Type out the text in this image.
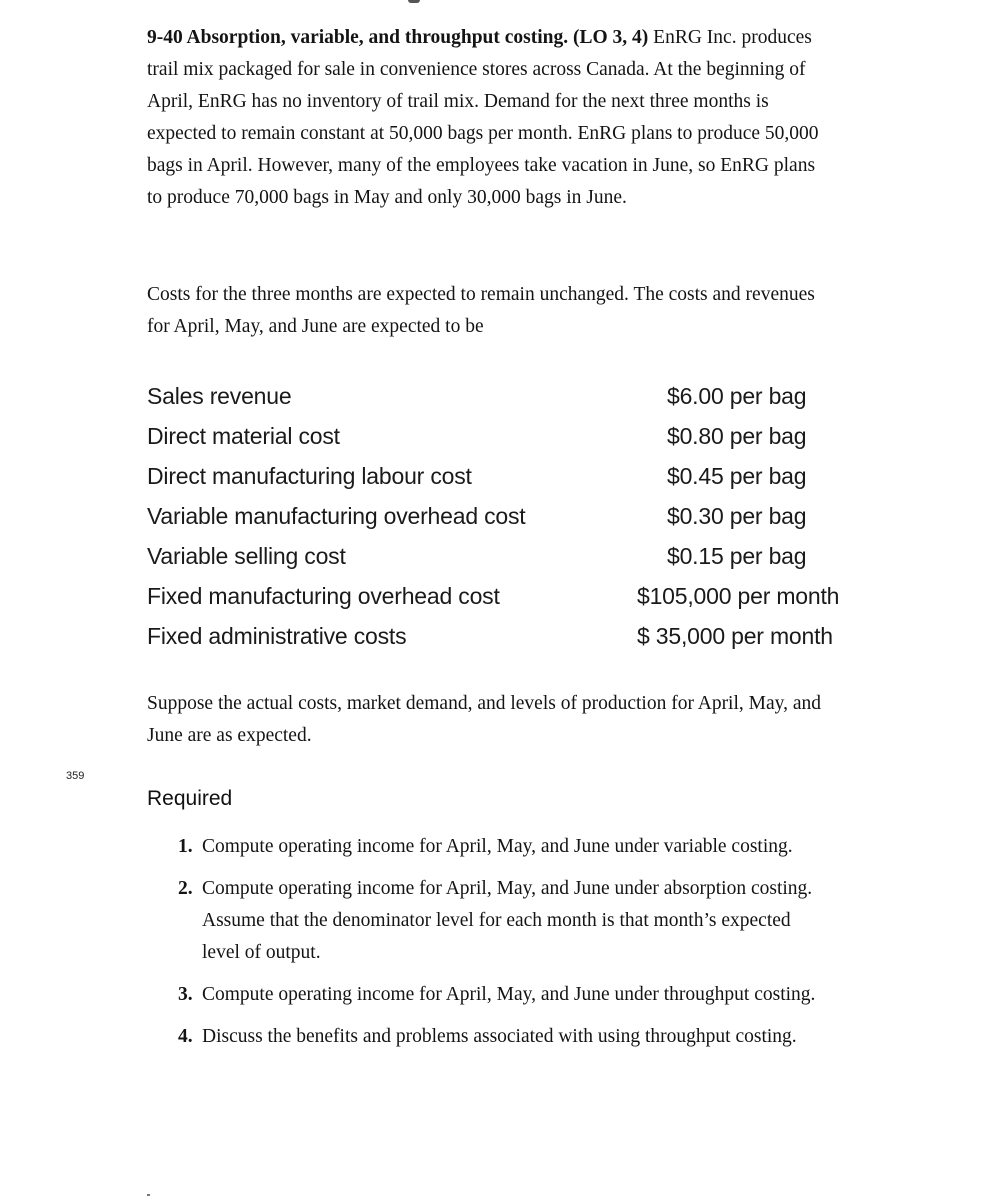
9-40 Absorption, variable, and throughput costing. (LO 3, 4) EnRG Inc. produces trail mix packaged for sale in convenience stores across Canada. At the beginning of April, EnRG has no inventory of trail mix. Demand for the next three months is expected to remain constant at 50,000 bags per month. EnRG plans to produce 50,000 bags in April. However, many of the employees take vacation in June, so EnRG plans to produce 70,000 bags in May and only 30,000 bags in June.

Costs for the three months are expected to remain unchanged. The costs and revenues for April, May, and June are expected to be

Sales revenue	$6.00 per bag
Direct material cost	$0.80 per bag
Direct manufacturing labour cost	$0.45 per bag
Variable manufacturing overhead cost	$0.30 per bag
Variable selling cost	$0.15 per bag
Fixed manufacturing overhead cost	$105,000 per month
Fixed administrative costs	$ 35,000 per month

Suppose the actual costs, market demand, and levels of production for April, May, and June are as expected.

359
Required
1. Compute operating income for April, May, and June under variable costing.
2. Compute operating income for April, May, and June under absorption costing. Assume that the denominator level for each month is that month’s expected level of output.
3. Compute operating income for April, May, and June under throughput costing.
4. Discuss the benefits and problems associated with using throughput costing.
